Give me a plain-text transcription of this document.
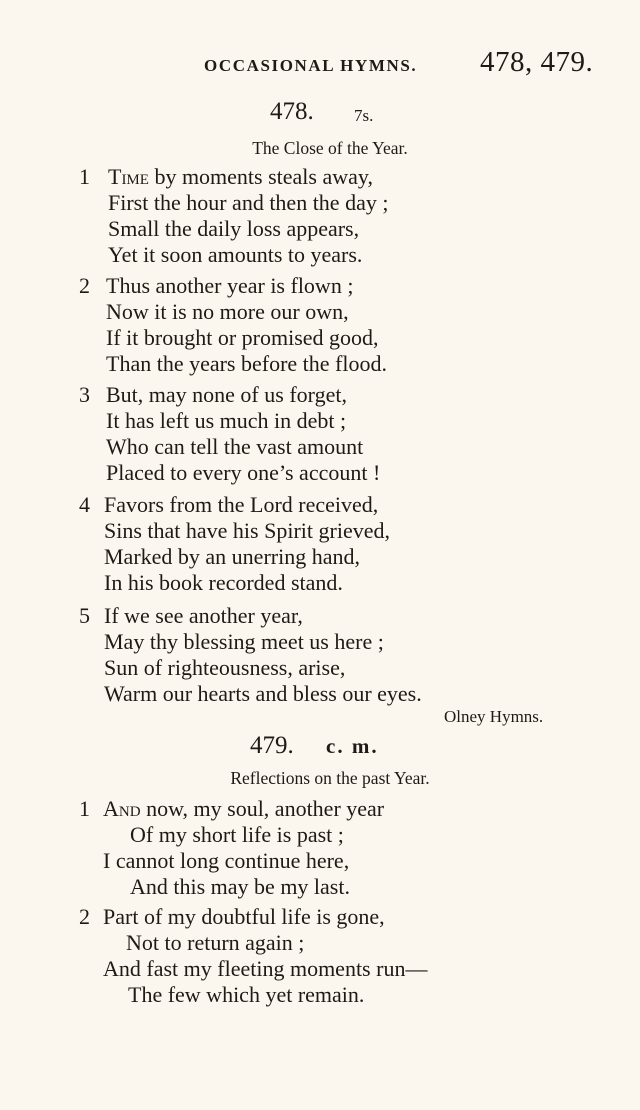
OCCASIONAL HYMNS. 478, 479.
478. 7s.
The Close of the Year.
1 Time by moments steals away,
First the hour and then the day ;
Small the daily loss appears,
Yet it soon amounts to years.
2 Thus another year is flown ;
Now it is no more our own,
If it brought or promised good,
Than the years before the flood.
3 But, may none of us forget,
It has left us much in debt ;
Who can tell the vast amount
Placed to every one’s account !
4 Favors from the Lord received,
Sins that have his Spirit grieved,
Marked by an unerring hand,
In his book recorded stand.
5 If we see another year,
May thy blessing meet us here ;
Sun of righteousness, arise,
Warm our hearts and bless our eyes.
Olney Hymns.
479. c. m.
Reflections on the past Year.
1 And now, my soul, another year
Of my short life is past ;
I cannot long continue here,
And this may be my last.
2 Part of my doubtful life is gone,
Not to return again ;
And fast my fleeting moments run—
The few which yet remain.
